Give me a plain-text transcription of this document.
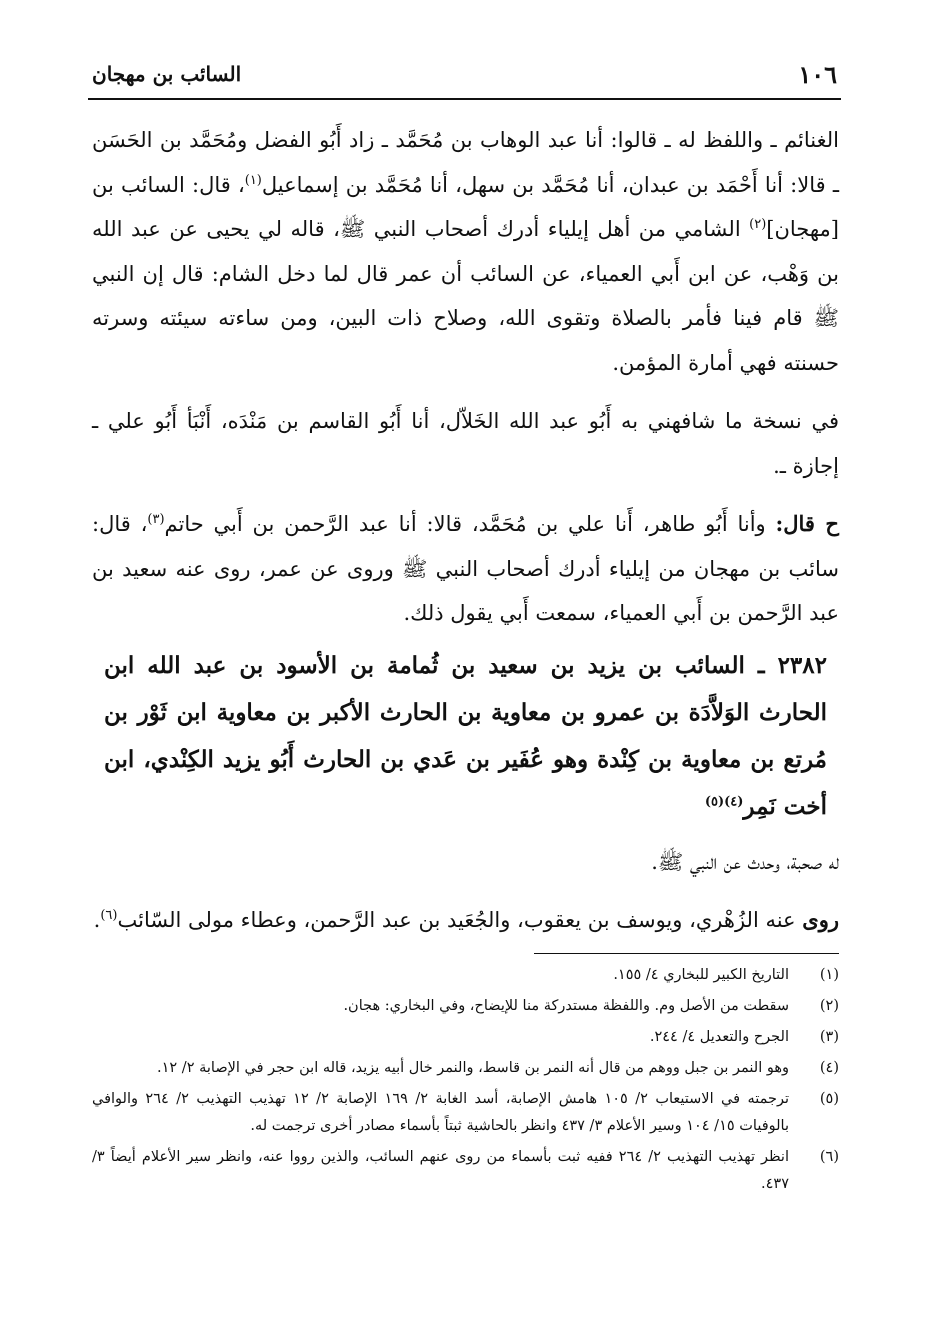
١٠٦
السائب بن مهجان

الغنائم ـ واللفظ له ـ قالوا: أنا عبد الوهاب بن مُحَمَّد ـ زاد أَبُو الفضل ومُحَمَّد بن الحَسَن ـ قالا: أنا أَحْمَد بن عبدان، أنا مُحَمَّد بن سهل، أنا مُحَمَّد بن إسماعيل$^{(١)}$، قال: السائب بن [مهجان]$^{(٢)}$ الشامي من أهل إيلياء أدرك أصحاب النبي ﷺ، قاله لي يحيى عن عبد الله بن وَهْب، عن ابن أَبي العمياء، عن السائب أن عمر قال لما دخل الشام: قال إن النبي ﷺ قام فينا فأمر بالصلاة وتقوى الله، وصلاح ذات البين، ومن ساءته سيئته وسرته حسنته فهي أمارة المؤمن.

في نسخة ما شافهني به أَبُو عبد الله الخَلاّل، أنا أَبُو القاسم بن مَنْدَه، أَنْبَأ أَبُو علي ـ إجازة ـ.

ح قال: وأنا أَبُو طاهر، أَنا علي بن مُحَمَّد، قالا: أنا عبد الرَّحمن بن أَبي حاتم$^{(٣)}$، قال: سائب بن مهجان من إيلياء أدرك أصحاب النبي ﷺ وروى عن عمر، روى عنه سعيد بن عبد الرَّحمن بن أَبي العمياء، سمعت أَبي يقول ذلك.

٢٣٨٢ ـ السائب بن يزيد بن سعيد بن ثُمامة بن الأسود بن عبد الله ابن الحارث الوَلاَّدَة بن عمرو بن معاوية بن الحارث الأكبر بن معاوية ابن ثَوْر بن مُرتع بن معاوية بن كِنْدة وهو عُفَير بن عَدي بن الحارث أَبُو يزيد الكِنْدي، ابن أخت نَمِر$^{(٤)(٥)}$

له صحبة، وحدث عن النبي ﷺ.

روى عنه الزُهْري، ويوسف بن يعقوب، والجُعَيد بن عبد الرَّحمن، وعطاء مولى السّائب$^{(٦)}$.

(١)
التاريخ الكبير للبخاري ٤/ ١٥٥.
(٢)
سقطت من الأصل وم. واللفظة مستدركة منا للإيضاح، وفي البخاري: هجان.
(٣)
الجرح والتعديل ٤/ ٢٤٤.
(٤)
وهو النمر بن جبل ووهم من قال أنه النمر بن قاسط، والنمر خال أبيه يزيد، قاله ابن حجر في الإصابة ٢/ ١٢.
(٥)
ترجمته في الاستيعاب ٢/ ١٠٥ هامش الإصابة، أسد الغابة ٢/ ١٦٩ الإصابة ٢/ ١٢ تهذيب التهذيب ٢/ ٢٦٤ والوافي بالوفيات ١٥/ ١٠٤ وسير الأعلام ٣/ ٤٣٧ وانظر بالحاشية ثبتاً بأسماء مصادر أخرى ترجمت له.
(٦)
انظر تهذيب التهذيب ٢/ ٢٦٤ ففيه ثبت بأسماء من روى عنهم السائب، والذين رووا عنه، وانظر سير الأعلام أيضاً ٣/ ٤٣٧.
